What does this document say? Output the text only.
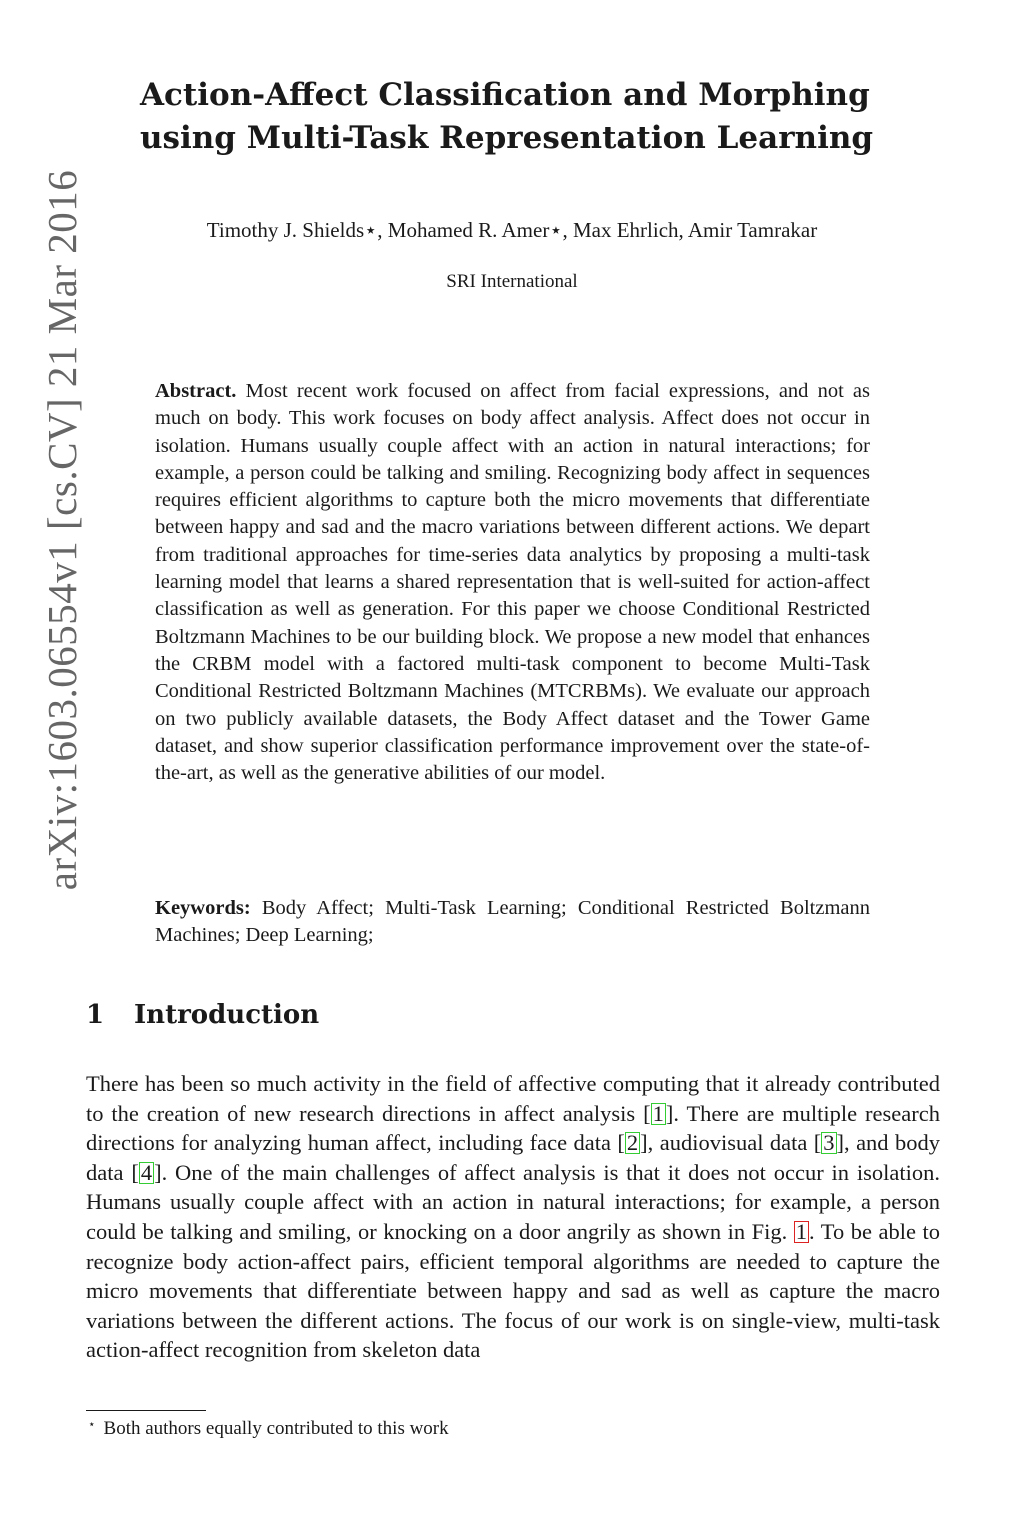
arXiv:1603.06554v1 [cs.CV] 21 Mar 2016
Action-Affect Classification and Morphing
using Multi-Task Representation Learning
Timothy J. Shields⋆, Mohamed R. Amer⋆, Max Ehrlich, Amir Tamrakar
SRI International

Abstract. Most recent work focused on affect from facial expressions, and not as much on body. This work focuses on body affect analysis. Affect does not occur in isolation. Humans usually couple affect with an action in natural interactions; for example, a person could be talking and smiling. Recognizing body affect in sequences requires efficient algorithms to capture both the micro movements that differentiate between happy and sad and the macro variations between different actions. We depart from traditional approaches for time-series data analytics by proposing a multi-task learning model that learns a shared representation that is well-suited for action-affect classification as well as generation. For this paper we choose Conditional Restricted Boltzmann Machines to be our building block. We propose a new model that enhances the CRBM model with a factored multi-task component to become Multi-Task Conditional Restricted Boltzmann Machines (MTCRBMs). We evaluate our approach on two publicly available datasets, the Body Affect dataset and the Tower Game dataset, and show superior classification performance improvement over the state-of-the-art, as well as the generative abilities of our model.

Keywords: Body Affect; Multi-Task Learning; Conditional Restricted Boltzmann Machines; Deep Learning;

1 Introduction

There has been so much activity in the field of affective computing that it already contributed to the creation of new research directions in affect analysis [1]. There are multiple research directions for analyzing human affect, including face data [2], audiovisual data [3], and body data [4]. One of the main challenges of affect analysis is that it does not occur in isolation. Humans usually couple affect with an action in natural interactions; for example, a person could be talking and smiling, or knocking on a door angrily as shown in Fig. 1. To be able to recognize body action-affect pairs, efficient temporal algorithms are needed to capture the micro movements that differentiate between happy and sad as well as capture the macro variations between the different actions. The focus of our work is on single-view, multi-task action-affect recognition from skeleton data

⋆ Both authors equally contributed to this work
